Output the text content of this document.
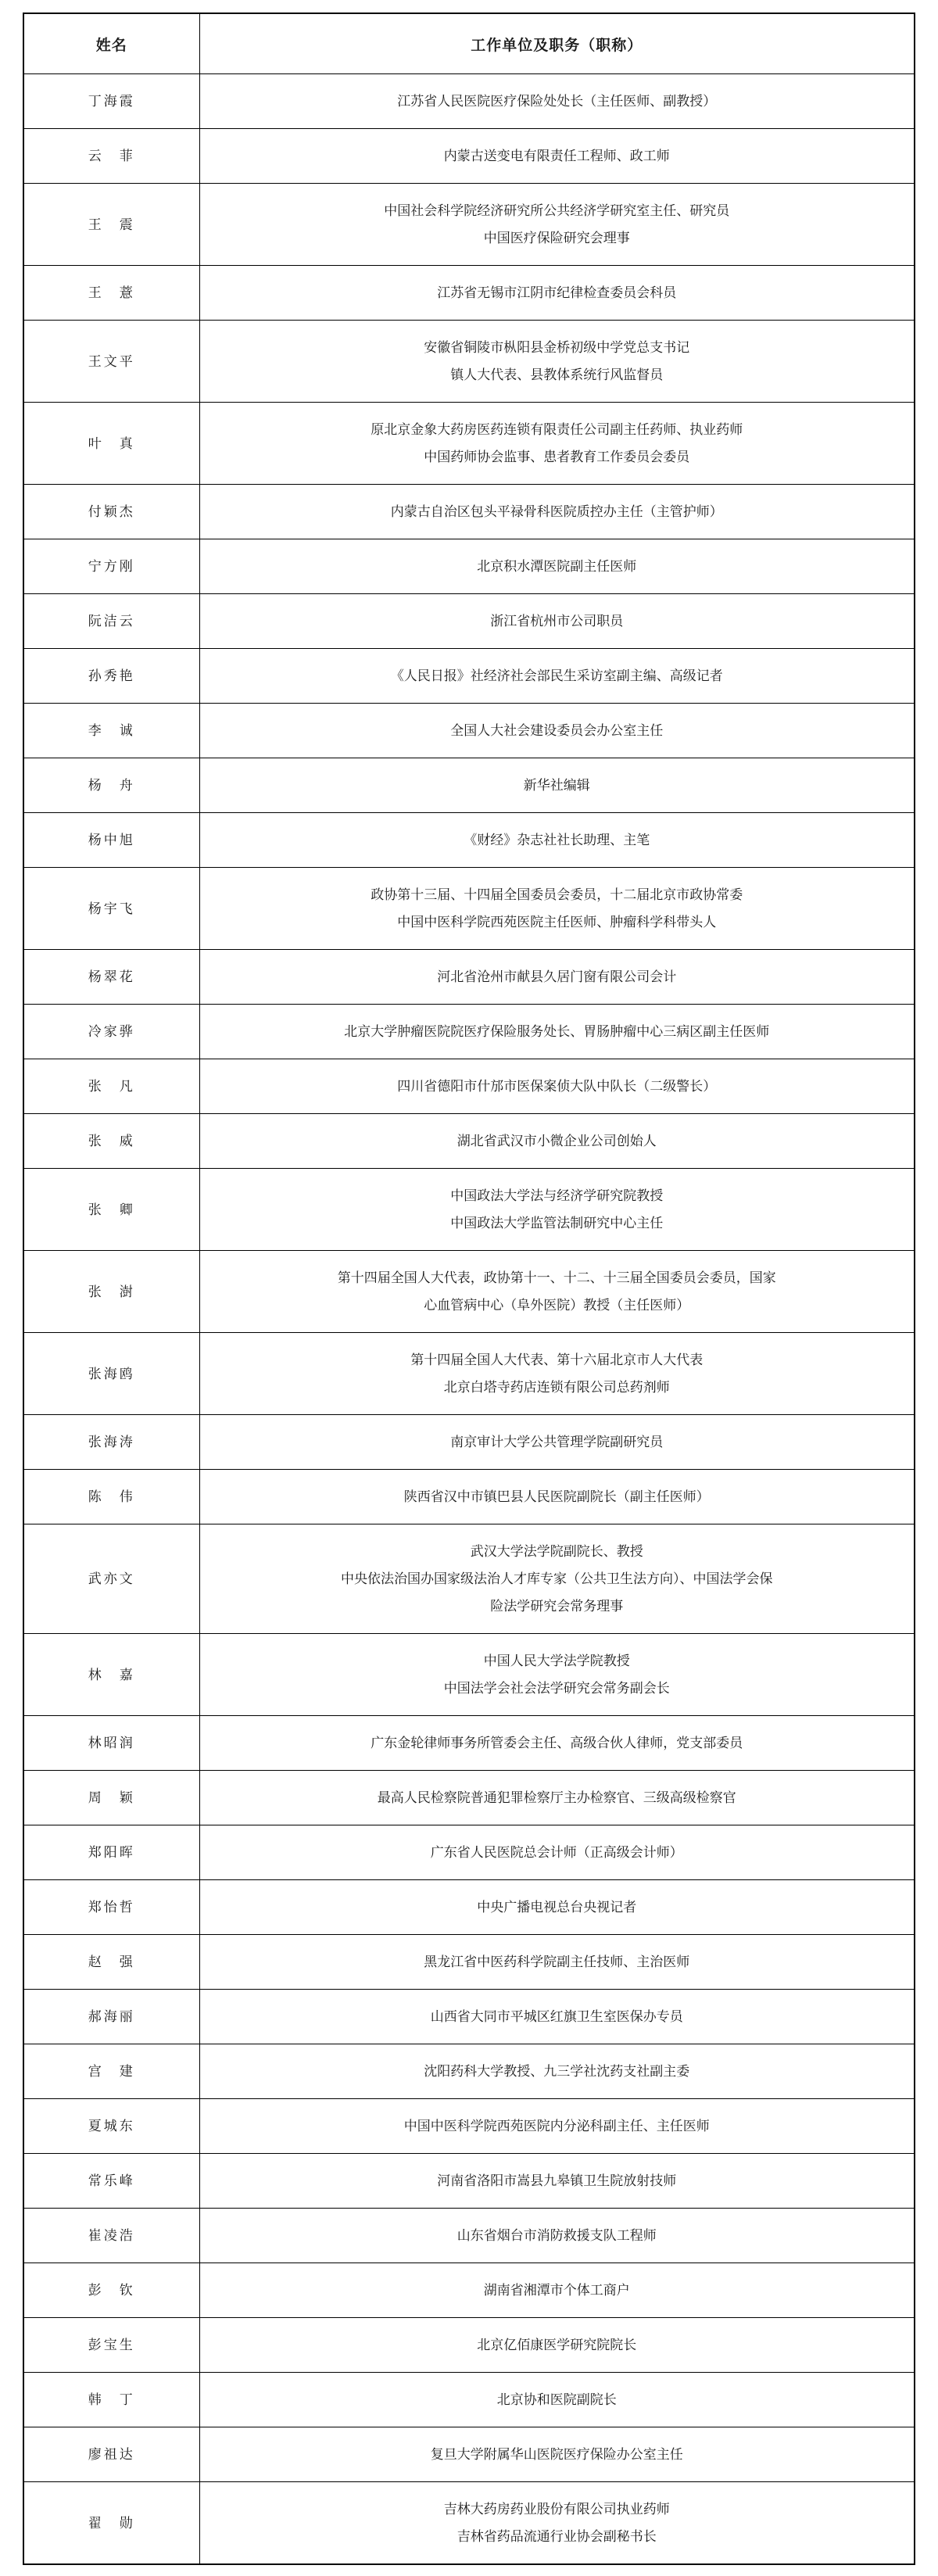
姓名	工作单位及职务（职称）
丁海霞	江苏省人民医院医疗保险处处长（主任医师、副教授）

云　菲	内蒙古送变电有限责任工程师、政工师

王　震	中国社会科学院经济研究所公共经济学研究室主任、研究员
中国医疗保险研究会理事

王　薏	江苏省无锡市江阴市纪律检查委员会科员

王文平	安徽省铜陵市枞阳县金桥初级中学党总支书记
镇人大代表、县教体系统行风监督员

叶　真	原北京金象大药房医药连锁有限责任公司副主任药师、执业药师
中国药师协会监事、患者教育工作委员会委员

付颖杰	内蒙古自治区包头平禄骨科医院质控办主任（主管护师）

宁方刚	北京积水潭医院副主任医师

阮洁云	浙江省杭州市公司职员

孙秀艳	《人民日报》社经济社会部民生采访室副主编、高级记者

李　诚	全国人大社会建设委员会办公室主任

杨　舟	新华社编辑

杨中旭	《财经》杂志社社长助理、主笔

杨宇飞	政协第十三届、十四届全国委员会委员，十二届北京市政协常委
中国中医科学院西苑医院主任医师、肿瘤科学科带头人

杨翠花	河北省沧州市献县久居门窗有限公司会计

冷家骅	北京大学肿瘤医院院医疗保险服务处长、胃肠肿瘤中心三病区副主任医师

张　凡	四川省德阳市什邡市医保案侦大队中队长（二级警长）

张　威	湖北省武汉市小微企业公司创始人

张　卿	中国政法大学法与经济学研究院教授
中国政法大学监管法制研究中心主任

张　澍	第十四届全国人大代表，政协第十一、十二、十三届全国委员会委员，国家
心血管病中心（阜外医院）教授（主任医师）

张海鸥	第十四届全国人大代表、第十六届北京市人大代表
北京白塔寺药店连锁有限公司总药剂师

张海涛	南京审计大学公共管理学院副研究员

陈　伟	陕西省汉中市镇巴县人民医院副院长（副主任医师）

武亦文	武汉大学法学院副院长、教授
中央依法治国办国家级法治人才库专家（公共卫生法方向）、中国法学会保
险法学研究会常务理事

林　嘉	中国人民大学法学院教授
中国法学会社会法学研究会常务副会长

林昭润	广东金轮律师事务所管委会主任、高级合伙人律师，党支部委员

周　颖	最高人民检察院普通犯罪检察厅主办检察官、三级高级检察官

郑阳晖	广东省人民医院总会计师（正高级会计师）

郑怡哲	中央广播电视总台央视记者

赵　强	黑龙江省中医药科学院副主任技师、主治医师

郝海丽	山西省大同市平城区红旗卫生室医保办专员

宫　建	沈阳药科大学教授、九三学社沈药支社副主委

夏城东	中国中医科学院西苑医院内分泌科副主任、主任医师

常乐峰	河南省洛阳市嵩县九皋镇卫生院放射技师

崔凌浩	山东省烟台市消防救援支队工程师

彭　钦	湖南省湘潭市个体工商户

彭宝生	北京亿佰康医学研究院院长

韩　丁	北京协和医院副院长

廖祖达	复旦大学附属华山医院医疗保险办公室主任

翟　勋	吉林大药房药业股份有限公司执业药师
吉林省药品流通行业协会副秘书长
